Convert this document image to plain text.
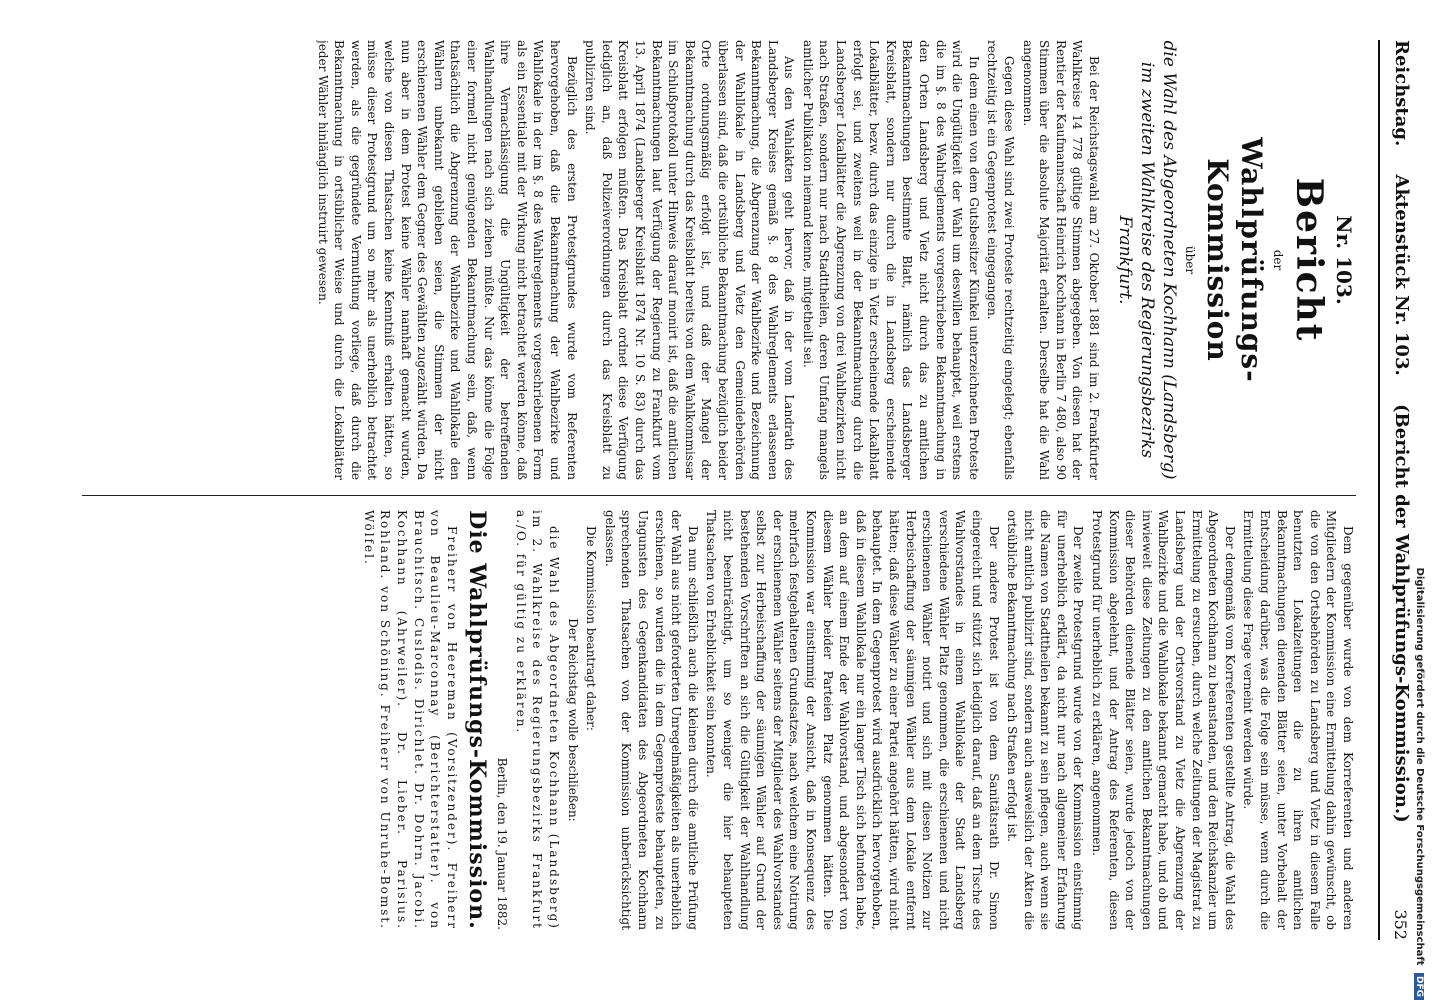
Reichstag. Aktenstück Nr. 103. (Bericht der Wahlprüfungs-Kommission.)
352

Nr. 103.

Bericht

der

Wahlprüfungs-Kommission

über

die Wahl des Abgeordneten Kochhann (Landsberg) im zweiten Wahlkreise des Regierungsbezirks Frankfurt.

Bei der Reichstagswahl am 27. Oktober 1881 sind im 2. Frankfurter Wahlkreise 14 778 gültige Stimmen abgegeben. Von diesen hat der Rentier der Kaufmannschaft Heinrich Kochhann in Berlin 7 480, also 90 Stimmen über die absolute Majorität erhalten. Derselbe hat die Wahl angenommen.

Gegen diese Wahl sind zwei Proteste rechtzeitig eingelegt; ebenfalls rechtzeitig ist ein Gegenprotest eingegangen.

In dem einen von dem Gutsbesitzer Künkel unterzeichneten Proteste wird die Ungültigkeit der Wahl um deswillen behauptet, weil erstens die im §. 8 des Wahlreglements vorgeschriebene Bekanntmachung in den Orten Landsberg und Vietz nicht durch das zu amtlichen Bekanntmachungen bestimmte Blatt, nämlich das Landsberger Kreisblatt, sondern nur durch die in Landsberg erscheinende Lokalblätter, bezw. durch das einzige in Vietz erscheinende Lokalblatt erfolgt sei, und zweitens weil in der Bekanntmachung durch die Landsberger Lokalblätter die Abgrenzung von drei Wahlbezirken nicht nach Straßen, sondern nur nach Stadttheilen, deren Umfang mangels amtlicher Publikation niemand kenne, mitgetheilt sei.

Aus den Wahlakten geht hervor, daß in der vom Landrath des Landsberger Kreises gemäß §. 8 des Wahlreglements erlassenen Bekanntmachung, die Abgrenzung der Wahlbezirke und Bezeichnung der Wahllokale in Landsberg und Vietz den Gemeindebehörden überlassen sind, daß die ortsübliche Bekanntmachung bezüglich beider Orte ordnungsmäßig erfolgt ist, und daß der Mangel der Bekanntmachung durch das Kreisblatt bereits von dem Wahlkommissar im Schlußprotokoll unter Hinweis darauf monirt ist, daß die amtlichen Bekanntmachungen laut Verfügung der Regierung zu Frankfurt vom 13. April 1874 (Landsberger Kreisblatt 1874 Nr. 10 S. 83) durch das Kreisblatt erfolgen müßten. Das Kreisblatt ordnet diese Verfügung lediglich an, daß Polizeiverordnungen durch das Kreisblatt zu publiziren sind.

Bezüglich des ersten Protestgrundes wurde vom Referenten hervorgehoben, daß die Bekanntmachung der Wahlbezirke und Wahllokale in der im §. 8 des Wahlreglements vorgeschriebenen Form als ein Essentiale mit der Wirkung nicht betrachtet werden könne, daß ihre Vernachlässigung die Ungültigkeit der betreffenden Wahlhandlungen nach sich ziehen müßte. Nur das könne die Folge einer formell nicht genügenden Bekanntmachung sein, daß, wenn thatsächlich die Abgrenzung der Wahlbezirke und Wahllokale den Wählern unbekannt geblieben seien, die Stimmen der nicht erschienenen Wähler dem Gegner des Gewählten zugezählt würden. Da nun aber in dem Protest keine Wähler namhaft gemacht wurden, welche von diesen Thatsachen keine Kenntniß erhalten hätten, so müsse dieser Protestgrund um so mehr als unerheblich betrachtet werden, als die gegründete Vermuthung vorliege, daß durch die Bekanntmachung in ortsüblicher Weise und durch die Lokalblätter jeder Wähler hinlänglich instruirt gewesen.

Dem gegenüber wurde von dem Korreferenten und anderen Mitgliedern der Kommission eine Ermittelung dahin gewünscht, ob die von den Ortsbehörden zu Landsberg und Vietz in diesem Falle benutzten Lokalzeitungen die zu ihren amtlichen Bekanntmachungen dienenden Blätter seien, unter Vorbehalt der Entscheidung darüber, was die Folge sein müsse, wenn durch die Ermittelung diese Frage verneint werden würde.

Der demgemäß vom Korreferenten gestellte Antrag, die Wahl des Abgeordneten Kochhann zu beanstanden, und den Reichskanzler um Ermittelung zu ersuchen, durch welche Zeitungen der Magistrat zu Landsberg und der Ortsvorstand zu Vietz die Abgrenzung der Wahlbezirke und die Wahllokale bekannt gemacht habe, und ob und inwieweit diese Zeitungen zu den amtlichen Bekanntmachungen dieser Behörden dienende Blätter seien, wurde jedoch von der Kommission abgelehnt, und der Antrag des Referenten, diesen Protestgrund für unerheblich zu erklären, angenommen.

Der zweite Protestgrund wurde von der Kommission einstimmig für unerheblich erklärt, da nicht nur nach allgemeiner Erfahrung die Namen von Stadttheilen bekannt zu sein pflegen, auch wenn sie nicht amtlich publizirt sind, sondern auch ausweislich der Akten die ortsübliche Bekanntmachung nach Straßen erfolgt ist.

Der andere Protest ist von dem Sanitätsrath Dr. Simon eingereicht und stützt sich lediglich darauf, daß an dem Tische des Wahlvorstandes in einem Wahllokale der Stadt Landsberg verschiedene Wähler Platz genommen, die erschienenen und nicht erschienenen Wähler notirt und sich mit diesen Notizen zur Herbeischaffung der säumigen Wähler aus dem Lokale entfernt hätten; daß diese Wähler zu einer Partei angehört hätten, wird nicht behauptet. In dem Gegenprotest wird ausdrücklich hervorgehoben, daß in diesem Wahllokale nur ein langer Tisch sich befunden habe, an dem auf einem Ende der Wahlvorstand, und abgesondert von diesem Wähler beider Parteien Platz genommen hätten. Die Kommission war einstimmig der Ansicht, daß in Konsequenz des mehrfach festgehaltenen Grundsatzes, nach welchem eine Notirung der erschienenen Wähler seitens der Mitglieder des Wahlvorstandes selbst zur Herbeischaffung der säumigen Wähler auf Grund der bestehenden Vorschriften an sich die Gültigkeit der Wahlhandlung nicht beeinträchtigt, um so weniger die hier behaupteten Thatsachen von Erheblichkeit sein konnten.

Da nun schließlich auch die kleinen durch die amtliche Prüfung der Wahl aus nicht geforderten Unregelmäßigkeiten als unerheblich erschienen, so wurden die in dem Gegenproteste behaupteten, zu Ungunsten des Gegenkandidaten des Abgeordneten Kochhann sprechenden Thatsachen von der Kommission unberücksichtigt gelassen.

Die Kommission beantragt daher:

Der Reichstag wolle beschließen:

die Wahl des Abgeordneten Kochhann (Landsberg) im 2. Wahlkreise des Regierungsbezirks Frankfurt a./O. für gültig zu erklären.

Berlin, den 19. Januar 1882.

Die Wahlprüfungs-Kommission.

Freiherr von Heereman (Vorsitzender). Freiherr von Beaulieu-Marconnay (Berichterstatter). von Brauchitsch. Cuslodis. Dirichlet. Dr. Dohrn. Jacobi. Kochhann (Ahrweiler). Dr. Lieber. Parisius. Rohland. von Schöning. Freiherr von Unruhe-Bomst. Wölfel.

Digitalisierung gefördert durch die Deutsche Forschungsgemeinschaft DFG
